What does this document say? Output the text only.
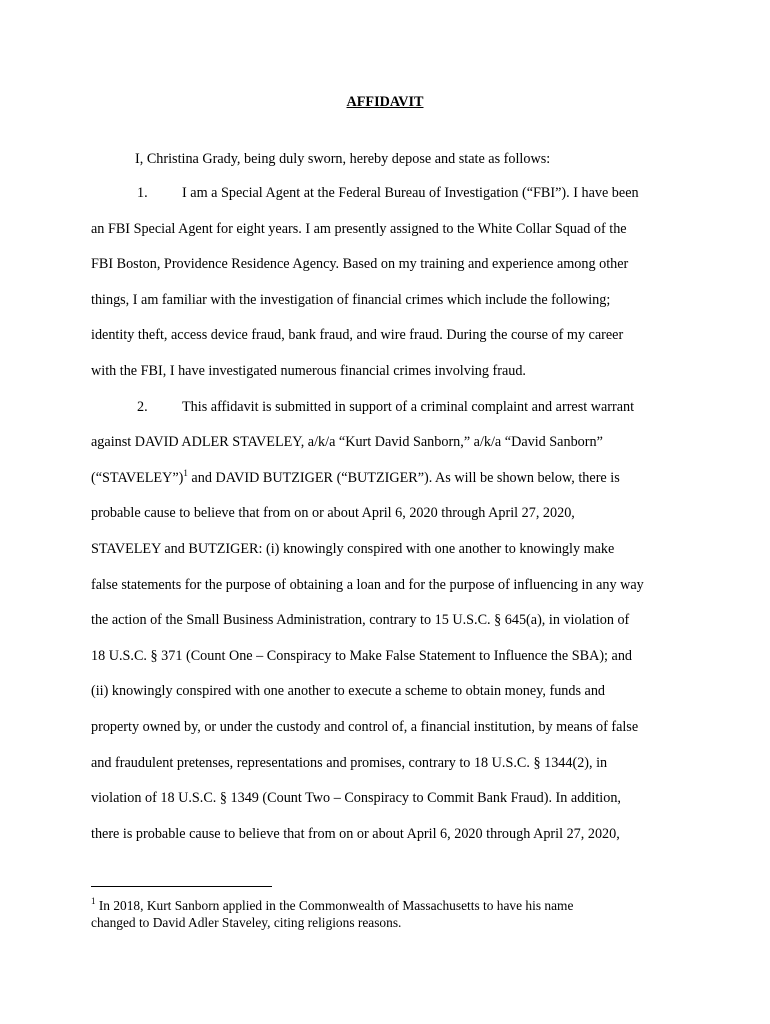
AFFIDAVIT
I, Christina Grady, being duly sworn, hereby depose and state as follows:
1. I am a Special Agent at the Federal Bureau of Investigation (“FBI”). I have been
an FBI Special Agent for eight years. I am presently assigned to the White Collar Squad of the
FBI Boston, Providence Residence Agency. Based on my training and experience among other
things, I am familiar with the investigation of financial crimes which include the following;
identity theft, access device fraud, bank fraud, and wire fraud. During the course of my career
with the FBI, I have investigated numerous financial crimes involving fraud.
2. This affidavit is submitted in support of a criminal complaint and arrest warrant
against DAVID ADLER STAVELEY, a/k/a “Kurt David Sanborn,” a/k/a “David Sanborn”
(“STAVELEY”)$^1$ and DAVID BUTZIGER (“BUTZIGER”). As will be shown below, there is
probable cause to believe that from on or about April 6, 2020 through April 27, 2020,
STAVELEY and BUTZIGER: (i) knowingly conspired with one another to knowingly make
false statements for the purpose of obtaining a loan and for the purpose of influencing in any way
the action of the Small Business Administration, contrary to 15 U.S.C. § 645(a), in violation of
18 U.S.C. § 371 (Count One – Conspiracy to Make False Statement to Influence the SBA); and
(ii) knowingly conspired with one another to execute a scheme to obtain money, funds and
property owned by, or under the custody and control of, a financial institution, by means of false
and fraudulent pretenses, representations and promises, contrary to 18 U.S.C. § 1344(2), in
violation of 18 U.S.C. § 1349 (Count Two – Conspiracy to Commit Bank Fraud). In addition,
there is probable cause to believe that from on or about April 6, 2020 through April 27, 2020,
$^1$ In 2018, Kurt Sanborn applied in the Commonwealth of Massachusetts to have his name
changed to David Adler Staveley, citing religions reasons.
